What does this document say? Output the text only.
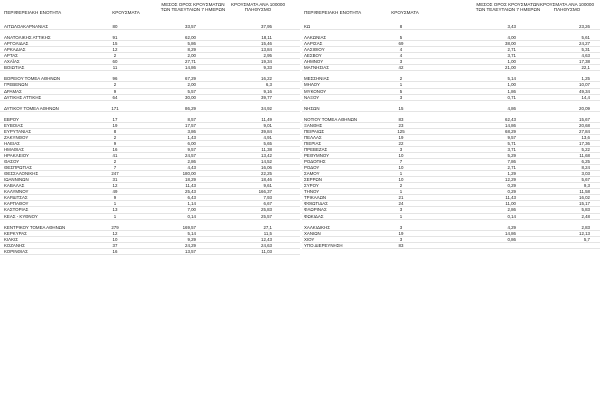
ΠΕΡΙΦΕΡΕΙΑΚΗ ΕΝΟΤΗΤΑ	ΚΡΟΥΣΜΑΤΑ
ΜΕΣΟΣ ΟΡΟΣ ΚΡΟΥΣΜΑΤΩΝ
ΤΩΝ ΤΕΛΕΥΤΑΙΩΝ 7 ΗΜΕΡΩΝ
ΚΡΟΥΣΜΑΤΑ ΑΝΑ 100000
ΠΛΗΘΥΣΜΟ
ΑΙΤΩΛΟΑΚΑΡΝΑΝΙΑΣ	80	33,57	37,95
ΑΝΑΤΟΛΙΚΗΣ ΑΤΤΙΚΗΣ	91	62,00	18,11
ΑΡΓΟΛΙΔΑΣ	15	5,86	15,46
ΑΡΚΑΔΙΑΣ	12	8,29	13,84
ΑΡΤΑΣ	2	2,00	2,95
ΑΧΑΪΑΣ	60	27,71	19,34
ΒΟΙΩΤΙΑΣ	11	14,86	9,33
ΒΟΡΕΙΟΥ ΤΟΜΕΑ ΑΘΗΝΩΝ	96	67,29	16,22
ΓΡΕΒΕΝΩΝ	2	2,00	6,3
ΔΡΑΜΑΣ	9	5,57	9,16
ΔΥΤΙΚΗΣ ΑΤΤΙΚΗΣ	64	30,00	39,77
ΔΥΤΙΚΟΥ ΤΟΜΕΑ ΑΘΗΝΩΝ	171	86,29	34,92
ΕΒΡΟΥ	17	8,57	11,49
ΕΥΒΟΙΑΣ	19	17,57	9,01
ΕΥΡΥΤΑΝΙΑΣ	8	3,86	39,84
ΖΑΚΥΝΘΟΥ	2	1,43	4,91
ΗΛΕΙΑΣ	9	6,00	5,65
ΗΜΑΘΙΑΣ	16	9,57	11,38
ΗΡΑΚΛΕΙΟΥ	41	24,57	13,42
ΘΑΣΟΥ	2	2,86	14,52
ΘΕΣΠΡΩΤΙΑΣ	7	4,43	16,06
ΘΕΣΣΑΛΟΝΙΚΗΣ	247	180,00	22,25
ΙΩΑΝΝΙΝΩΝ	31	18,29	18,46
ΚΑΒΑΛΑΣ	12	11,43	9,61
ΚΑΛΥΜΝΟΥ	49	25,43	166,37
ΚΑΡΔΙΤΣΑΣ	9	6,43	7,93
ΚΑΡΠΑΘΟΥ	1	1,14	6,67
ΚΑΣΤΟΡΙΑΣ	13	7,00	25,83
ΚΕΑΣ - ΚΥΘΝΟΥ	1	0,14	25,57
ΚΕΝΤΡΙΚΟΥ ΤΟΜΕΑ ΑΘΗΝΩΝ	279	169,57	27,1
ΚΕΡΚΥΡΑΣ	12	5,14	11,5
ΚΙΛΚΙΣ	10	9,29	12,43
ΚΟΖΑΝΗΣ	37	24,29	24,63
ΚΟΡΙΝΘΙΑΣ	16	13,57	11,03
ΠΕΡΙΦΕΡΕΙΑΚΗ ΕΝΟΤΗΤΑ	ΚΡΟΥΣΜΑΤΑ
ΜΕΣΟΣ ΟΡΟΣ ΚΡΟΥΣΜΑΤΩΝ
ΤΩΝ ΤΕΛΕΥΤΑΙΩΝ 7 ΗΜΕΡΩΝ
ΚΡΟΥΣΜΑΤΑ ΑΝΑ 100000
ΠΛΗΘΥΣΜΟ
ΚΩ	8	3,43	23,26
ΛΑΚΩΝΙΑΣ	5	4,00	5,61
ΛΑΡΙΣΑΣ	69	38,00	24,27
ΛΑΣΙΘΙΟΥ	4	2,71	5,31
ΛΕΣΒΟΥ	4	3,71	4,63
ΛΗΜΝΟΥ	3	1,00	17,38
ΜΑΓΝΗΣΙΑΣ	42	21,00	22,1
ΜΕΣΣΗΝΙΑΣ	2	5,14	1,25
ΜΗΛΟΥ	1	1,00	10,07
ΜΥΚΟΝΟΥ	5	1,86	49,34
ΝΑΞΟΥ	3	0,71	14,4
ΝΗΣΩΝ	15	4,86	20,09
ΝΟΤΙΟΥ ΤΟΜΕΑ ΑΘΗΝΩΝ	83	62,43	15,67
ΞΑΝΘΗΣ	23	14,86	20,68
ΠΕΙΡΑΙΩΣ	125	68,29	27,84
ΠΕΛΛΑΣ	19	9,57	13,6
ΠΙΕΡΙΑΣ	22	5,71	17,36
ΠΡΕΒΕΖΑΣ	3	3,71	5,22
ΡΕΘΥΜΝΟΥ	10	5,29	11,68
ΡΟΔΟΠΗΣ	7	7,86	6,25
ΡΟΔΟΥ	10	2,71	8,24
ΣΑΜΟΥ	1	1,29	3,03
ΣΕΡΡΩΝ	10	12,29	5,67
ΣΥΡΟΥ	2	0,29	9,3
ΤΗΝΟΥ	1	0,29	11,58
ΤΡΙΚΑΛΩΝ	21	11,43	16,02
ΦΘΙΩΤΙΔΑΣ	24	11,00	15,17
ΦΛΩΡΙΝΑΣ	3	2,86	5,83
ΦΩΚΙΔΑΣ	1	0,14	2,48
ΧΑΛΚΙΔΙΚΗΣ	3	4,29	2,83
ΧΑΝΙΩΝ	19	14,86	12,13
ΧΙΟΥ	3	0,86	5,7
ΥΠΟ ΔΙΕΡΕΥΝΗΣΗ	83
